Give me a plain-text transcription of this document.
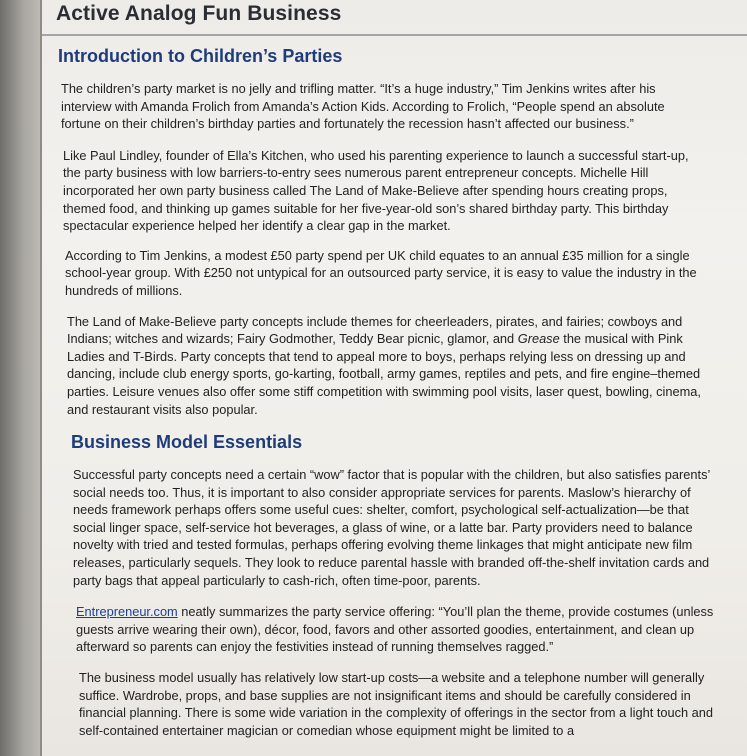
Active Analog Fun Business
Introduction to Children’s Parties

The children’s party market is no jelly and trifling matter. “It’s a huge industry,” Tim Jenkins writes after his interview with Amanda Frolich from Amanda’s Action Kids. According to Frolich, “People spend an absolute fortune on their children’s birthday parties and fortunately the recession hasn’t affected our business.”

Like Paul Lindley, founder of Ella’s Kitchen, who used his parenting experience to launch a successful start-up, the party business with low barriers-to-entry sees numerous parent entrepreneur concepts. Michelle Hill incorporated her own party business called The Land of Make-Believe after spending hours creating props, themed food, and thinking up games suitable for her five-year-old son’s shared birthday party. This birthday spectacular experience helped her identify a clear gap in the market.

According to Tim Jenkins, a modest £50 party spend per UK child equates to an annual £35 million for a single school-year group. With £250 not untypical for an outsourced party service, it is easy to value the industry in the hundreds of millions.

The Land of Make-Believe party concepts include themes for cheerleaders, pirates, and fairies; cowboys and Indians; witches and wizards; Fairy Godmother, Teddy Bear picnic, glamor, and Grease the musical with Pink Ladies and T-Birds. Party concepts that tend to appeal more to boys, perhaps relying less on dressing up and dancing, include club energy sports, go-karting, football, army games, reptiles and pets, and fire engine–themed parties. Leisure venues also offer some stiff competition with swimming pool visits, laser quest, bowling, cinema, and restaurant visits also popular.

Business Model Essentials

Successful party concepts need a certain “wow” factor that is popular with the children, but also satisfies parents’ social needs too. Thus, it is important to also consider appropriate services for parents. Maslow’s hierarchy of needs framework perhaps offers some useful cues: shelter, comfort, psychological self-actualization—be that social linger space, self-service hot beverages, a glass of wine, or a latte bar. Party providers need to balance novelty with tried and tested formulas, perhaps offering evolving theme linkages that might anticipate new film releases, particularly sequels. They look to reduce parental hassle with branded off-the-shelf invitation cards and party bags that appeal particularly to cash-rich, often time-poor, parents.

Entrepreneur.com neatly summarizes the party service offering: “You’ll plan the theme, provide costumes (unless guests arrive wearing their own), décor, food, favors and other assorted goodies, entertainment, and clean up afterward so parents can enjoy the festivities instead of running themselves ragged.”

The business model usually has relatively low start-up costs—a website and a telephone number will generally suffice. Wardrobe, props, and base supplies are not insignificant items and should be carefully considered in financial planning. There is some wide variation in the complexity of offerings in the sector from a light touch and self-contained entertainer magician or comedian whose equipment might be limited to a
